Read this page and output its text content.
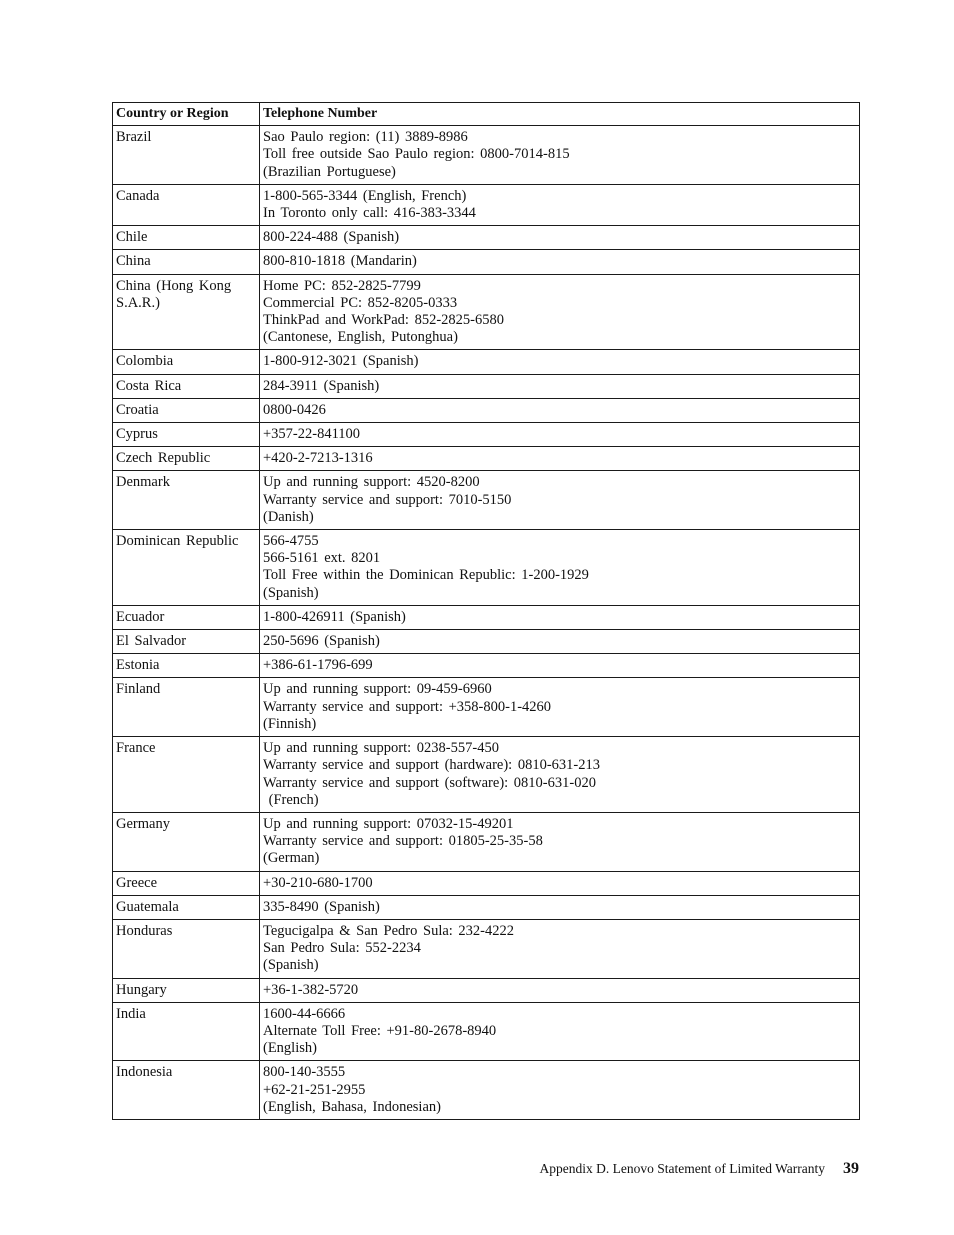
Country or Region	Telephone Number

Brazil	Sao Paulo region: (11) 3889-8986
Toll free outside Sao Paulo region: 0800-7014-815
(Brazilian Portuguese)

Canada	1-800-565-3344 (English, French)
In Toronto only call: 416-383-3344

Chile	800-224-488 (Spanish)

China	800-810-1818 (Mandarin)

China (Hong Kong
S.A.R.)	Home PC: 852-2825-7799
Commercial PC: 852-8205-0333
ThinkPad and WorkPad: 852-2825-6580
(Cantonese, English, Putonghua)

Colombia	1-800-912-3021 (Spanish)

Costa Rica	284-3911 (Spanish)

Croatia	0800-0426

Cyprus	+357-22-841100

Czech Republic	+420-2-7213-1316

Denmark	Up and running support: 4520-8200
Warranty service and support: 7010-5150
(Danish)

Dominican Republic	566-4755
566-5161 ext. 8201
Toll Free within the Dominican Republic: 1-200-1929
(Spanish)

Ecuador	1-800-426911 (Spanish)

El Salvador	250-5696 (Spanish)

Estonia	+386-61-1796-699

Finland	Up and running support: 09-459-6960
Warranty service and support: +358-800-1-4260
(Finnish)

France	Up and running support: 0238-557-450
Warranty service and support (hardware): 0810-631-213
Warranty service and support (software): 0810-631-020
(French)

Germany	Up and running support: 07032-15-49201
Warranty service and support: 01805-25-35-58
(German)

Greece	+30-210-680-1700

Guatemala	335-8490 (Spanish)

Honduras	Tegucigalpa & San Pedro Sula: 232-4222
San Pedro Sula: 552-2234
(Spanish)

Hungary	+36-1-382-5720

India	1600-44-6666
Alternate Toll Free: +91-80-2678-8940
(English)

Indonesia	800-140-3555
+62-21-251-2955
(English, Bahasa, Indonesian)
Appendix D. Lenovo Statement of Limited Warranty 39
